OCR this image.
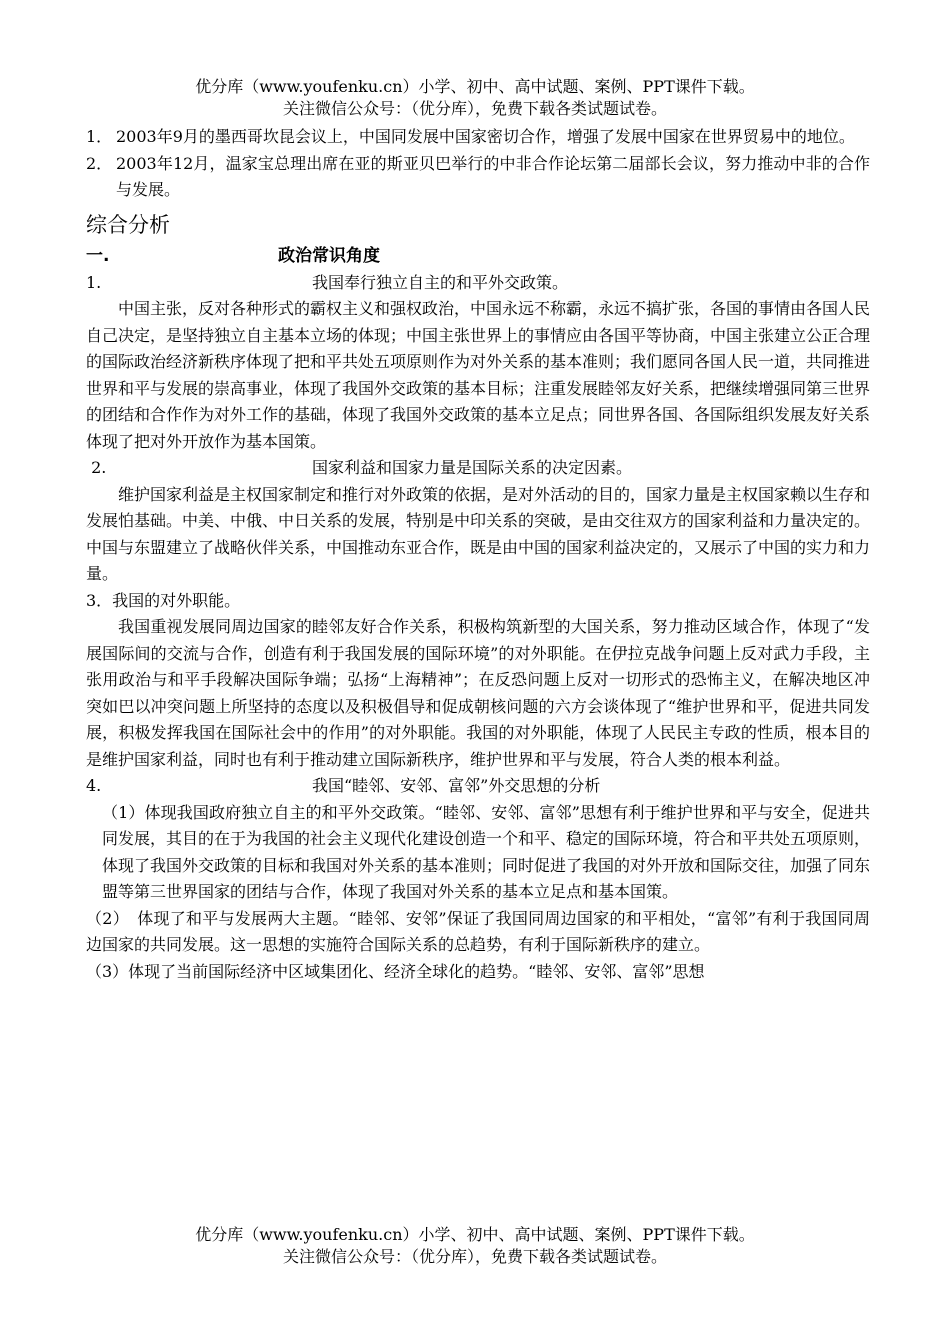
优分库（www.youfenku.cn）小学、初中、高中试题、案例、PPT课件下载。
关注微信公众号：（优分库），免费下载各类试题试卷。
1． 2003年9月的墨西哥坎昆会议上，中国同发展中国家密切合作，增强了发展中国家在世界贸易中的地位。
2． 2003年12月，温家宝总理出席在亚的斯亚贝巴举行的中非合作论坛第二届部长会议，努力推动中非的合作与发展。
综合分析
一.	政治常识角度
1.	我国奉行独立自主的和平外交政策。
中国主张，反对各种形式的霸权主义和强权政治，中国永远不称霸，永远不搞扩张，各国的事情由各国人民自己决定，是坚持独立自主基本立场的体现；中国主张世界上的事情应由各国平等协商，中国主张建立公正合理的国际政治经济新秩序体现了把和平共处五项原则作为对外关系的基本准则；我们愿同各国人民一道，共同推进世界和平与发展的崇高事业，体现了我国外交政策的基本目标；注重发展睦邻友好关系，把继续增强同第三世界的团结和合作作为对外工作的基础，体现了我国外交政策的基本立足点；同世界各国、各国际组织发展友好关系体现了把对外开放作为基本国策。
2.	国家利益和国家力量是国际关系的决定因素。
维护国家利益是主权国家制定和推行对外政策的依据，是对外活动的目的，国家力量是主权国家赖以生存和发展怕基础。中美、中俄、中日关系的发展，特别是中印关系的突破，是由交往双方的国家利益和力量决定的。中国与东盟建立了战略伙伴关系，中国推动东亚合作，既是由中国的国家利益决定的，又展示了中国的实力和力量。
3．我国的对外职能。
我国重视发展同周边国家的睦邻友好合作关系，积极构筑新型的大国关系，努力推动区域合作，体现了“发展国际间的交流与合作，创造有利于我国发展的国际环境”的对外职能。在伊拉克战争问题上反对武力手段，主张用政治与和平手段解决国际争端；弘扬“上海精神”；在反恐问题上反对一切形式的恐怖主义，在解决地区冲突如巴以冲突问题上所坚持的态度以及积极倡导和促成朝核问题的六方会谈体现了“维护世界和平，促进共同发展，积极发挥我国在国际社会中的作用”的对外职能。我国的对外职能，体现了人民民主专政的性质，根本目的是维护国家利益，同时也有利于推动建立国际新秩序，维护世界和平与发展，符合人类的根本利益。
4.	我国“睦邻、安邻、富邻”外交思想的分析
（1）体现我国政府独立自主的和平外交政策。“睦邻、安邻、富邻”思想有利于维护世界和平与安全，促进共同发展，其目的在于为我国的社会主义现代化建设创造一个和平、稳定的国际环境，符合和平共处五项原则，体现了我国外交政策的目标和我国对外关系的基本准则；同时促进了我国的对外开放和国际交往，加强了同东盟等第三世界国家的团结与合作，体现了我国对外关系的基本立足点和基本国策。
（2）　体现了和平与发展两大主题。“睦邻、安邻”保证了我国同周边国家的和平相处，“富邻”有利于我国同周边国家的共同发展。这一思想的实施符合国际关系的总趋势，有利于国际新秩序的建立。
（3）体现了当前国际经济中区域集团化、经济全球化的趋势。“睦邻、安邻、富邻”思想
优分库（www.youfenku.cn）小学、初中、高中试题、案例、PPT课件下载。
关注微信公众号：（优分库），免费下载各类试题试卷。
